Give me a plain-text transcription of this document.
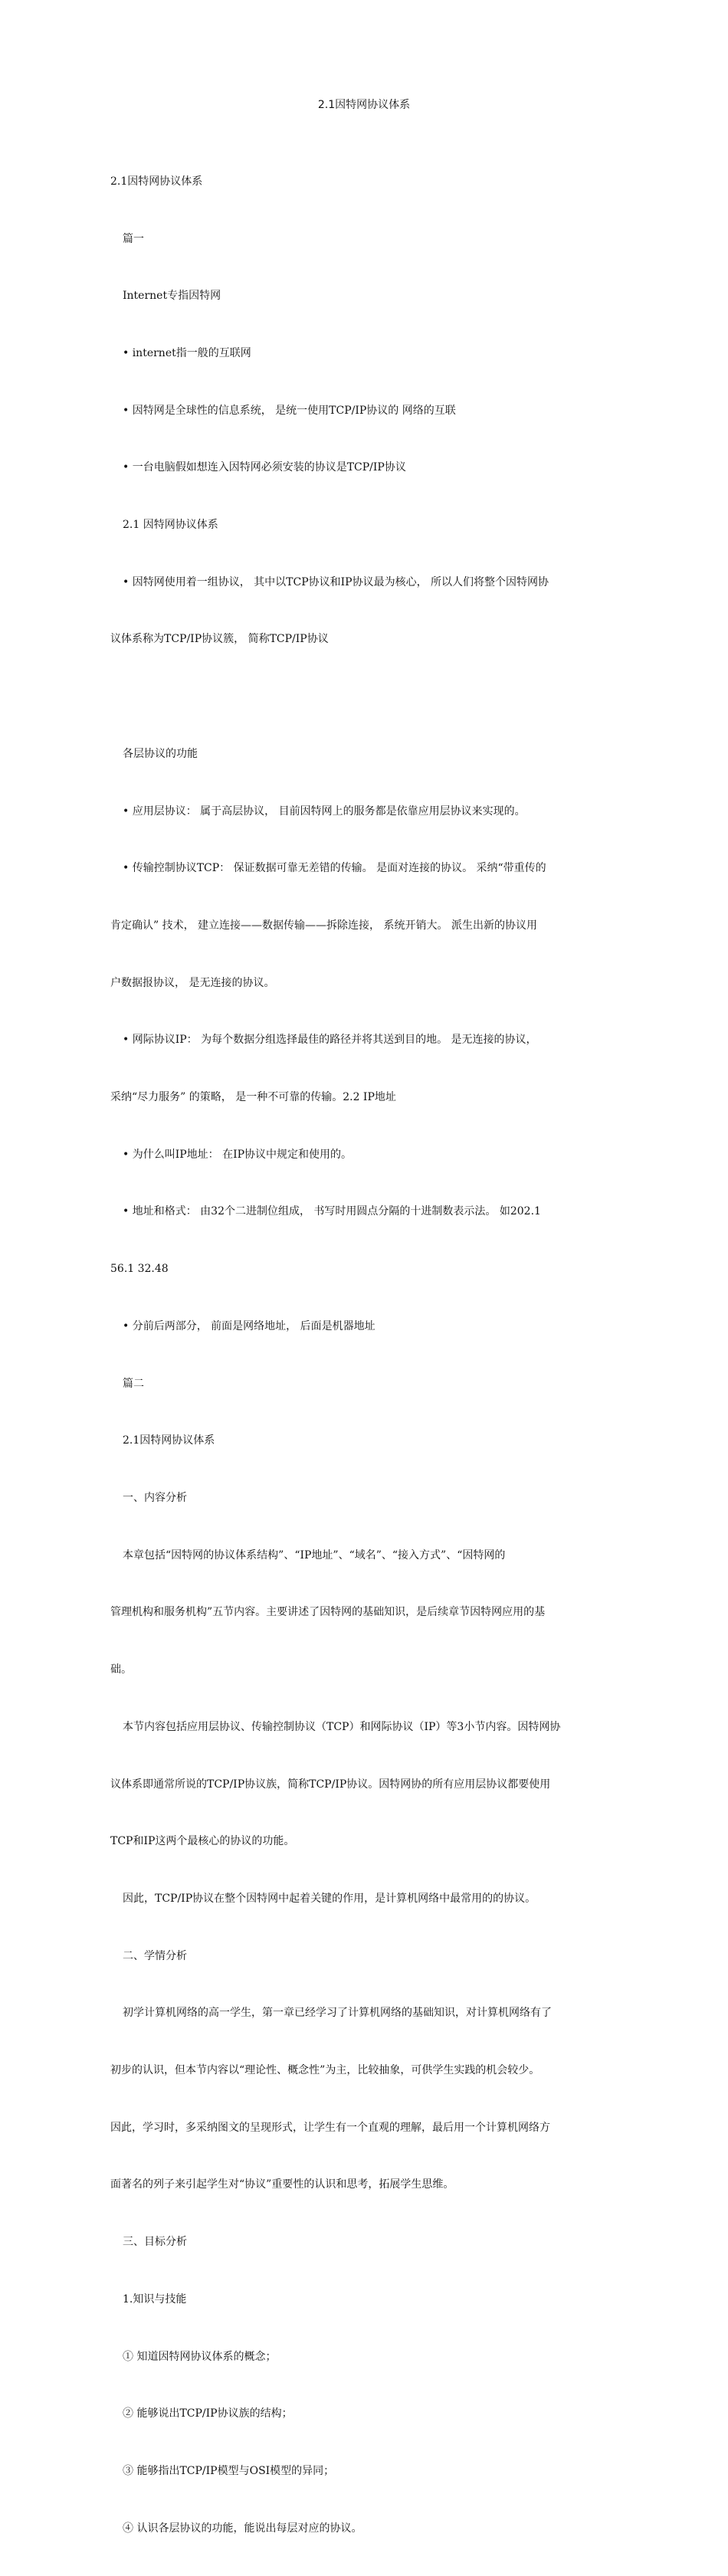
2.1因特网协议体系

2.1因特网协议体系

篇一

Internet专指因特网

• internet指一般的互联网

• 因特网是全球性的信息系统， 是统一使用TCP/IP协议的 网络的互联

• 一台电脑假如想连入因特网必须安装的协议是TCP/IP协议

2.1 因特网协议体系

• 因特网使用着一组协议， 其中以TCP协议和IP协议最为核心， 所以人们将整个因特网协

议体系称为TCP/IP协议簇， 简称TCP/IP协议

各层协议的功能

• 应用层协议： 属于高层协议， 目前因特网上的服务都是依靠应用层协议来实现的。

• 传输控制协议TCP： 保证数据可靠无差错的传输。 是面对连接的协议。 采纳“带重传的

肯定确认” 技术， 建立连接——数据传输——拆除连接， 系统开销大。 派生出新的协议用

户数据报协议， 是无连接的协议。

• 网际协议IP： 为每个数据分组选择最佳的路径并将其送到目的地。 是无连接的协议，

采纳“尽力服务” 的策略， 是一种不可靠的传输。2.2 IP地址

• 为什么叫IP地址： 在IP协议中规定和使用的。

• 地址和格式： 由32个二进制位组成， 书写时用圆点分隔的十进制数表示法。 如202.1

56.1 32.48

• 分前后两部分， 前面是网络地址， 后面是机器地址

篇二

2.1因特网协议体系

一、内容分析

本章包括“因特网的协议体系结构”、“IP地址”、“域名”、“接入方式”、“因特网的

管理机构和服务机构”五节内容。主要讲述了因特网的基础知识，是后续章节因特网应用的基

础。

本节内容包括应用层协议、传输控制协议（TCP）和网际协议（IP）等3小节内容。因特网协

议体系即通常所说的TCP/IP协议族，简称TCP/IP协议。因特网协的所有应用层协议都要使用

TCP和IP这两个最核心的协议的功能。

因此，TCP/IP协议在整个因特网中起着关键的作用，是计算机网络中最常用的的协议。

二、学情分析

初学计算机网络的高一学生，第一章已经学习了计算机网络的基础知识，对计算机网络有了

初步的认识，但本节内容以“理论性、概念性”为主，比较抽象，可供学生实践的机会较少。

因此，学习时，多采纳图文的呈现形式，让学生有一个直观的理解，最后用一个计算机网络方

面著名的列子来引起学生对“协议”重要性的认识和思考，拓展学生思维。

三、目标分析

1.知识与技能

① 知道因特网协议体系的概念；

② 能够说出TCP/IP协议族的结构；

③ 能够指出TCP/IP模型与OSI模型的异同；

④ 认识各层协议的功能，能说出每层对应的协议。
